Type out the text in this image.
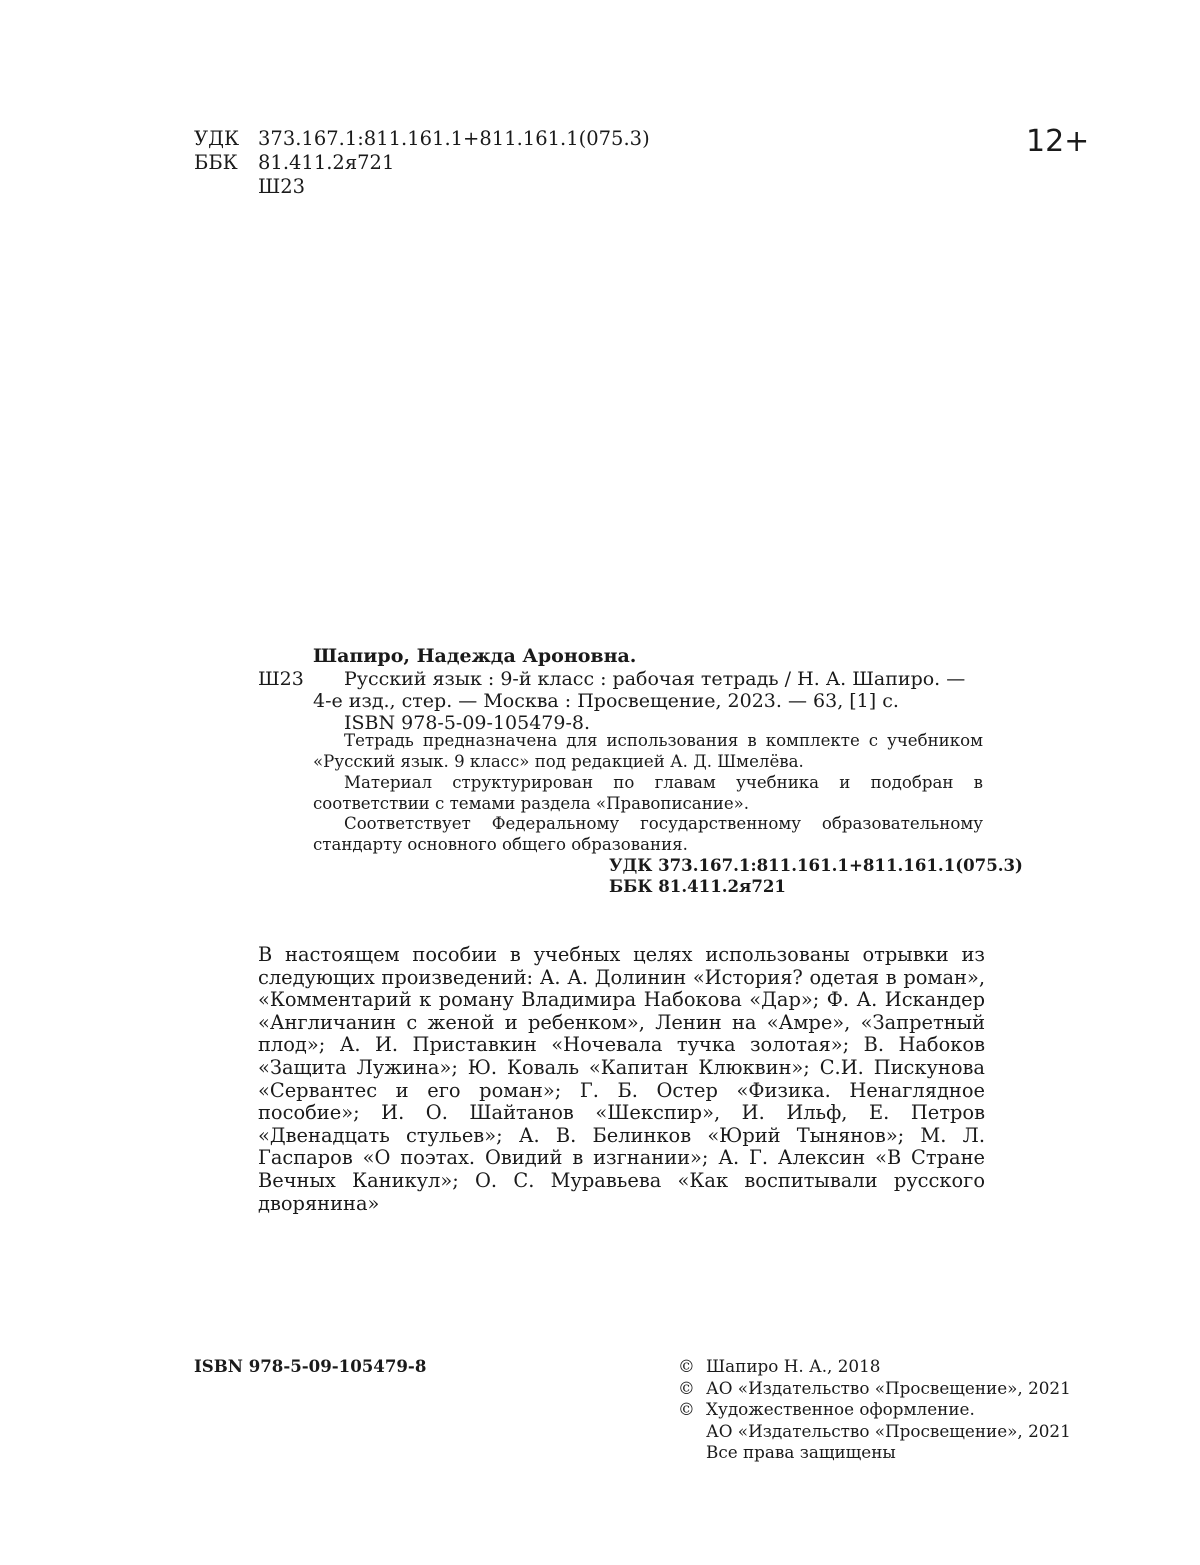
УДК 373.167.1:811.161.1+811.161.1(075.3)
ББК 81.411.2я721
Ш23
12+
Шапиро, Надежда Ароновна.
Ш23 Русский язык : 9-й класс : рабочая тетрадь / Н. А. Шапиро. —
4-е изд., стер. — Москва : Просвещение, 2023. — 63, [1] с.
ISBN 978-5-09-105479-8.
Тетрадь предназначена для использования в комплекте с учебником «Русский язык. 9 класс» под редакцией А. Д. Шмелёва.
Материал структурирован по главам учебника и подобран в соответствии с темами раздела «Правописание».
Соответствует Федеральному государственному образовательному стандарту основного общего образования.
УДК 373.167.1:811.161.1+811.161.1(075.3)
ББК 81.411.2я721
В настоящем пособии в учебных целях использованы отрывки из следующих произведений: А. А. Долинин «История? одетая в роман», «Комментарий к роману Владимира Набокова «Дар»; Ф. А. Искандер «Англичанин с женой и ребенком», Ленин на «Амре», «Запретный плод»; А. И. Приставкин «Ночевала тучка золотая»; В. Набоков «Защита Лужина»; Ю. Коваль «Капитан Клюквин»; С.И. Пискунова «Сервантес и его роман»; Г. Б. Остер «Физика. Ненаглядное пособие»; И. О. Шайтанов «Шекспир», И. Ильф, Е. Петров «Двенадцать стульев»; А. В. Белинков «Юрий Тынянов»; М. Л. Гаспаров «О поэтах. Овидий в изгнании»; А. Г. Алексин «В Стране Вечных Каникул»; О. С. Муравьева «Как воспитывали русского дворянина»
ISBN 978-5-09-105479-8	© Шапиро Н. А., 2018
© АО «Издательство «Просвещение», 2021
© Художественное оформление.
АО «Издательство «Просвещение», 2021
Все права защищены
